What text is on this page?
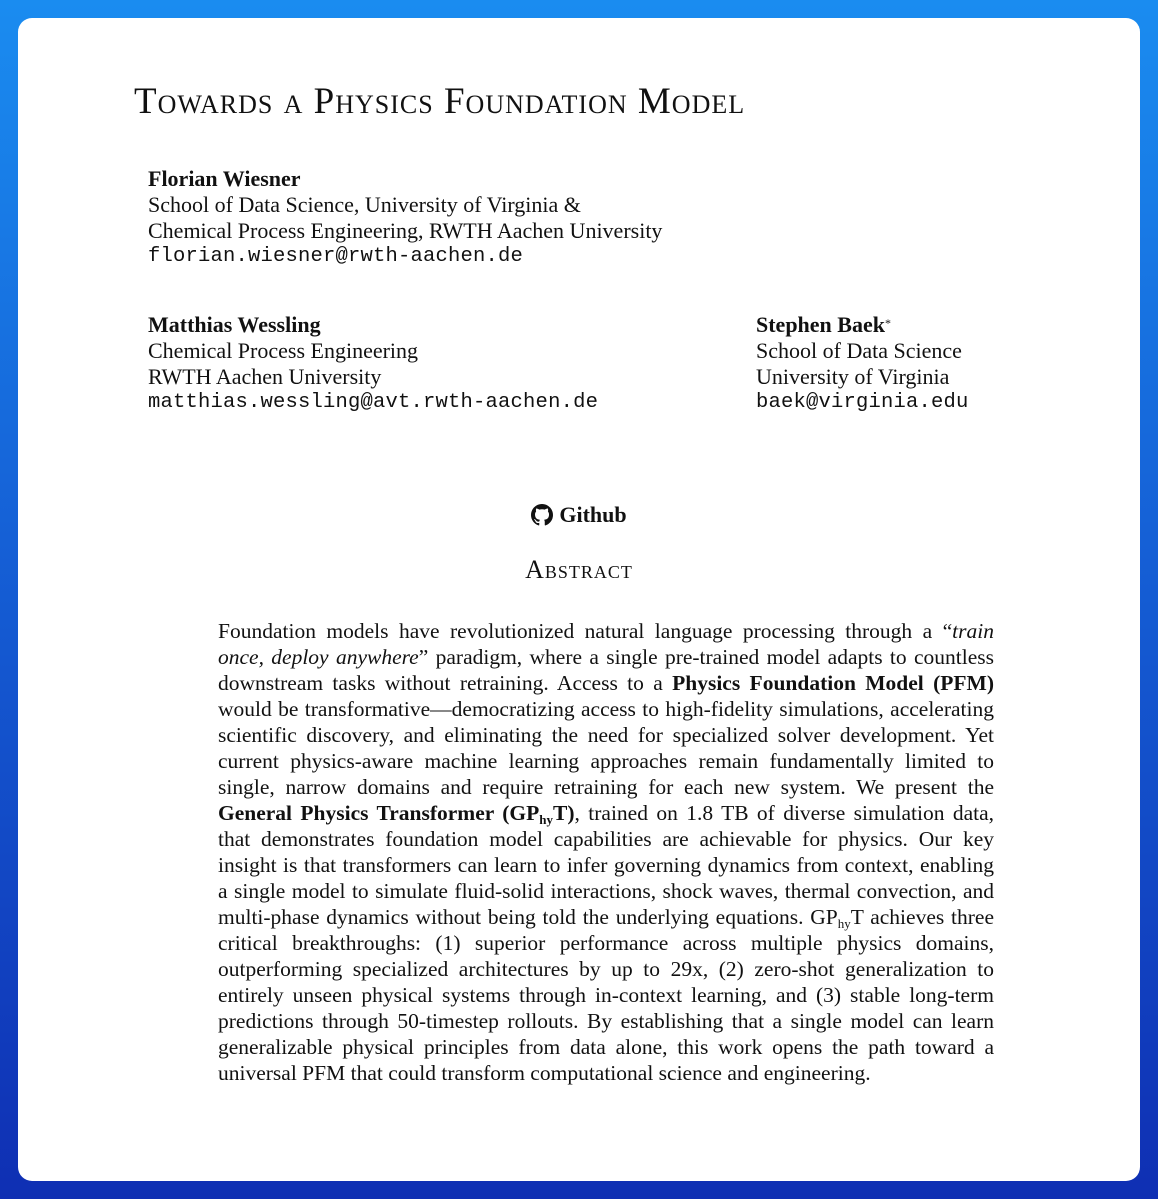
Towards a Physics Foundation Model
Florian Wiesner
School of Data Science, University of Virginia &
Chemical Process Engineering, RWTH Aachen University
florian.wiesner@rwth-aachen.de
Matthias Wessling
Chemical Process Engineering
RWTH Aachen University
matthias.wessling@avt.rwth-aachen.de
Stephen Baek*
School of Data Science
University of Virginia
baek@virginia.edu
Github
Abstract
Foundation models have revolutionized natural language processing through a “train once, deploy anywhere” paradigm, where a single pre-trained model adapts to countless downstream tasks without retraining. Access to a Physics Foundation Model (PFM) would be transformative—democratizing access to high-fidelity simulations, accelerating scientific discovery, and eliminating the need for specialized solver development. Yet current physics-aware machine learning approaches remain fundamentally limited to single, narrow domains and require retraining for each new system. We present the General Physics Transformer $(GP_{hy}T)$, trained on 1.8 TB of diverse simulation data, that demonstrates foundation model capabilities are achievable for physics. Our key insight is that transformers can learn to infer governing dynamics from context, enabling a single model to simulate fluid-solid interactions, shock waves, thermal convection, and multi-phase dynamics without being told the underlying equations. $GP_{hy}T$ achieves three critical breakthroughs: (1) superior performance across multiple physics domains, outperforming specialized architectures by up to 29x, (2) zero-shot generalization to entirely unseen physical systems through in-context learning, and (3) stable long-term predictions through 50-timestep rollouts. By establishing that a single model can learn generalizable physical principles from data alone, this work opens the path toward a universal PFM that could transform computational science and engineering.
